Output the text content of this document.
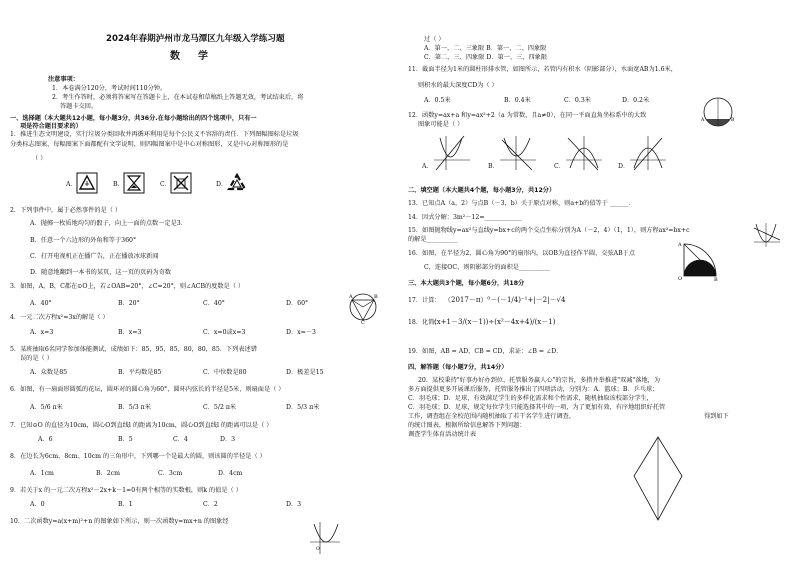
2024年春期泸州市龙马潭区九年级入学练习题
数学
注意事项：
1．本卷满分120分，考试时间110分钟。
2．考生作答时，必须将答案写在答题卡上，在本试卷和草稿纸上答题无效，考试结束后，将
答题卡交回。
一、选择题（本大题共12小题，每小题3分，共36分.在每小题给出的四个选项中，只有一
项是符合题目要求的）
1．推进生态文明建设，实行垃圾分类回收并再循环利用是每个公民义不容辞的责任．下列图幅图标是垃圾
分类标志图案，每幅图案下面都配有文字说明，则四幅图案中是中心对称图形，又是中心对称图形的是
（ ）
A．	B．	C．	D．
2．下列事件中，属于必然事件的是（ ）
A．抛掷一枚质地均匀的骰子，向上一面的点数一定是3．
B．任意一个六边形的外角和等于360°
C．打开电视机正在播广告，正在播放冰球新闻
D．随意地翻到一本书的某页，这一页的页码为奇数
3．如图，A，B，C都在⊙O上，若∠OAB=20°，∠C=20°，则∠ACB的度数是（ ）
A．40°	B．20°	C．40°	D．60°
A	B
C
4．一元二次方程x²=3x的解是（ ）
A．x=3	B．x=3	C．x=0或x=3	D．x=－3
5．某班抽取6名同学参加体能测试，成绩如下：85，95，85，80，80，85．下列表述错
误的是（ ）
A．众数是85	B．平均数是85	C．中位数是80	D．极差是15
6．如图，有一扇面形圆弧的花坛，圆环对的圆心角为60°，圆环内弦长的半径是5米，则扇面是（ ）
A．5/6 π米	B．5/3 π米	C．5/2 π米	D．5/3 π米
7．已知⊙O 的直径为10cm，圆心O到直线l 的距离为10cm，圆心O到直线l 的距离可以是（ ）
A．6	B．5	C．4	D．3
8．在边长为6cm、8cm、10cm 的三角形中，下列哪一个是最大的圆，则该圆的半径是（ ）
A．1cm	B．2cm	C．3cm	D．4cm
9．若关于x 的一元二次方程x²－2x+k－1=0有两个相等的实数根，则k 的值是（ ）
A．0	B．1	C．2	D．3
10．二次函数y=a(x+m)²+n 的图象如下所示，则一次函数y=mx+n 的图象经
O
过（ ）
A．第一、二、三象限 B．第一、二、四象限
C．第二、三、四象限 D．第一、三、四象限
11．截面半径为1米的圆柱形排水管，如图所示，若管内有积水（阴影部分），水面宽AB为1.6米，
则积水的最大深度CD为（ ）
A．0.5米	B．0.4米	C．0.3米	D．0.2米
A	B
12．函数y=ax+a 和y=ax²+2（a 为常数，且a≠0），在同一平面直角坐标系中的大致
图象可能是（ ）
A．	B．	C．	D．
二、填空题（本大题共4个题，每小题3分，共12分）
13．已知点A（a，2）与点B（－3，b）关于原点对称，则a+b的值等于 ______．
14．因式分解：3m²－12=____________
15．如图抛物线y=ax²与直线y=bx+c的两个交点坐标分别为A（－2，4）（1，1），则方程ax²=bx+c
的解是__________
16．如图，在半径为2，圆心角为90°的扇形内，以OB为直径作半圆，交弦AB于点
C，连接OC，则阴影部分的面积是__________
A
O	B
三、本大题共3个题，每小题6分，共18分
17．计算： （2017－π）⁰－(－1/4)⁻¹+|－2|－√4
18．化简：
(x+1－3/(x－1))÷(x²－4x+4)/(x－1)
19．如图，AB = AD，CB = CD，求证：∠B = ∠D．
四、解答题（每小题7分，共14分）
20．某校秉持"好事办好办到位、托管服务赢人心"的宗旨，多措并举推进"双减"落地，为
多方面提供更多开展课后服务，托管服务推出了四项活动，分别为：A．篮球；B．乒乓球；
C．羽毛球；D．足球，有效满足学生的多样化需求和个性需求，随机抽取该校部分学生，
C．羽毛球；D．足球，规定每位学生只能选择其中的一项，为了更加有效，有序地组织好托管
工作，调查组在全校范围内随机抽取了若干名学生进行调查，	得到如下
的统计图表，根据所给信息解答下列问题：
调查学生体育活动统计表
